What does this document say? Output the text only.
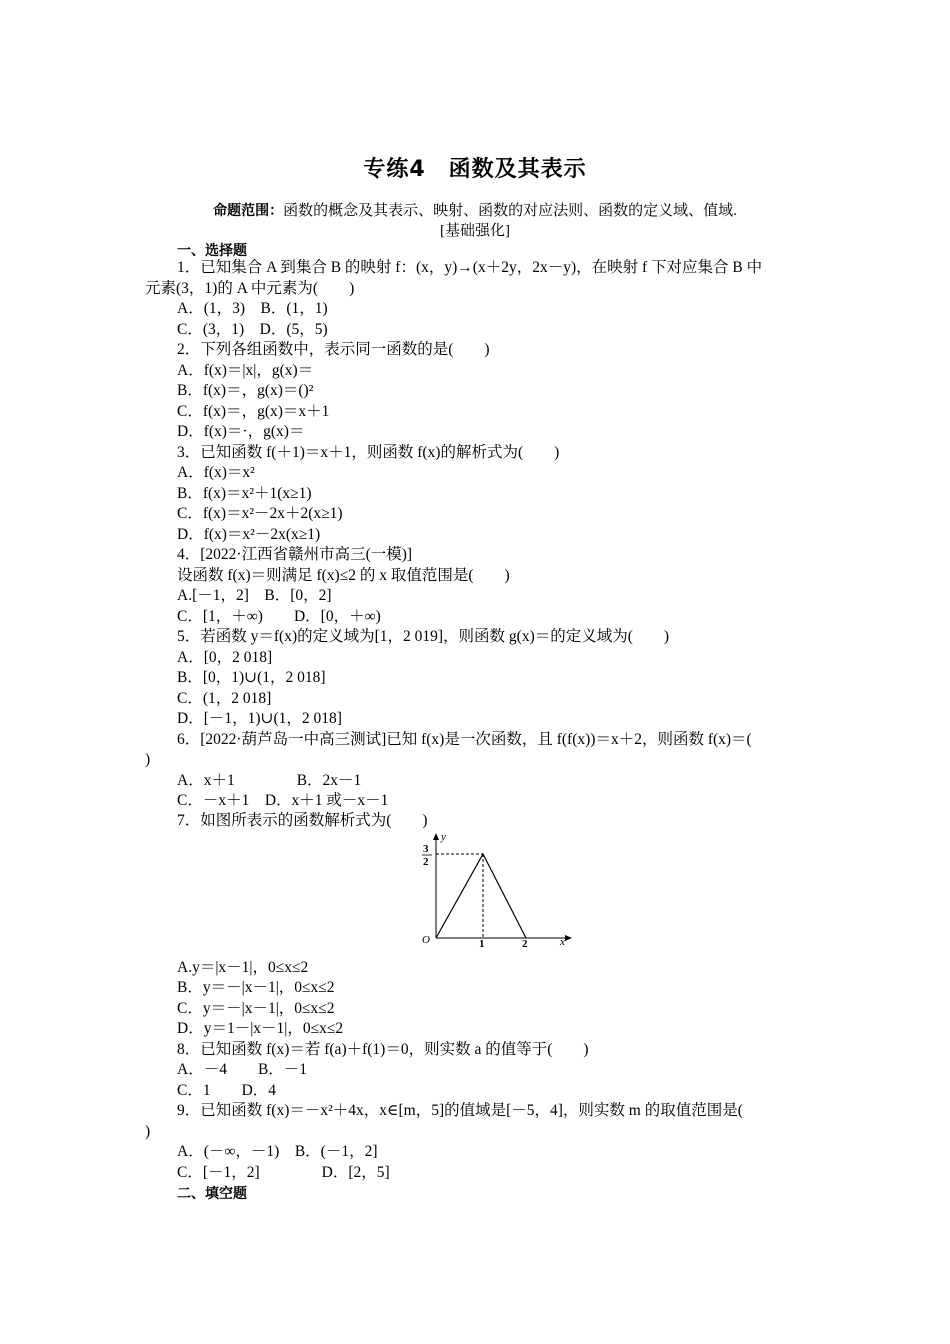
专练4　函数及其表示
命题范围：函数的概念及其表示、映射、函数的对应法则、函数的定义域、值域.
[基础强化]
一、选择题
1．已知集合 A 到集合 B 的映射 f：(x，y)→(x＋2y，2x－y)，在映射 f 下对应集合 B 中
元素(3，1)的 A 中元素为(　　)
A．(1，3)　B．(1，1)
C．(3，1)　D．(5，5)
2．下列各组函数中，表示同一函数的是(　　)
A．f(x)＝|x|，g(x)＝
B．f(x)＝，g(x)＝()²
C．f(x)＝，g(x)＝x＋1
D．f(x)＝·，g(x)＝
3．已知函数 f(＋1)＝x＋1，则函数 f(x)的解析式为(　　)
A．f(x)＝x²
B．f(x)＝x²＋1(x≥1)
C．f(x)＝x²－2x＋2(x≥1)
D．f(x)＝x²－2x(x≥1)
4．[2022·江西省赣州市高三(一模)]
设函数 f(x)＝则满足 f(x)≤2 的 x 取值范围是(　　)
A.[－1，2]　B．[0，2]
C．[1，＋∞)　　D．[0，＋∞)
5．若函数 y＝f(x)的定义域为[1，2 019]，则函数 g(x)＝的定义域为(　　)
A．[0，2 018]
B．[0，1)∪(1，2 018]
C．(1，2 018]
D．[－1，1)∪(1，2 018]
6．[2022·葫芦岛一中高三测试]已知 f(x)是一次函数，且 f(f(x))＝x＋2，则函数 f(x)＝(
)
A．x＋1　　　　B．2x－1
C．－x＋1　D．x＋1 或－x－1
7．如图所表示的函数解析式为(　　)
y
x
O	1	2
3
2
A.y＝|x－1|，0≤x≤2
B．y＝－|x－1|，0≤x≤2
C．y＝－|x－1|，0≤x≤2
D．y＝1－|x－1|，0≤x≤2
8．已知函数 f(x)＝若 f(a)＋f(1)＝0，则实数 a 的值等于(　　)
A．－4　　B．－1
C．1　　D．4
9．已知函数 f(x)＝－x²＋4x，x∈[m，5]的值域是[－5，4]，则实数 m 的取值范围是(
)
A．(－∞，－1)　B．(－1，2]
C．[－1，2]　　　　D．[2，5]
二、填空题
